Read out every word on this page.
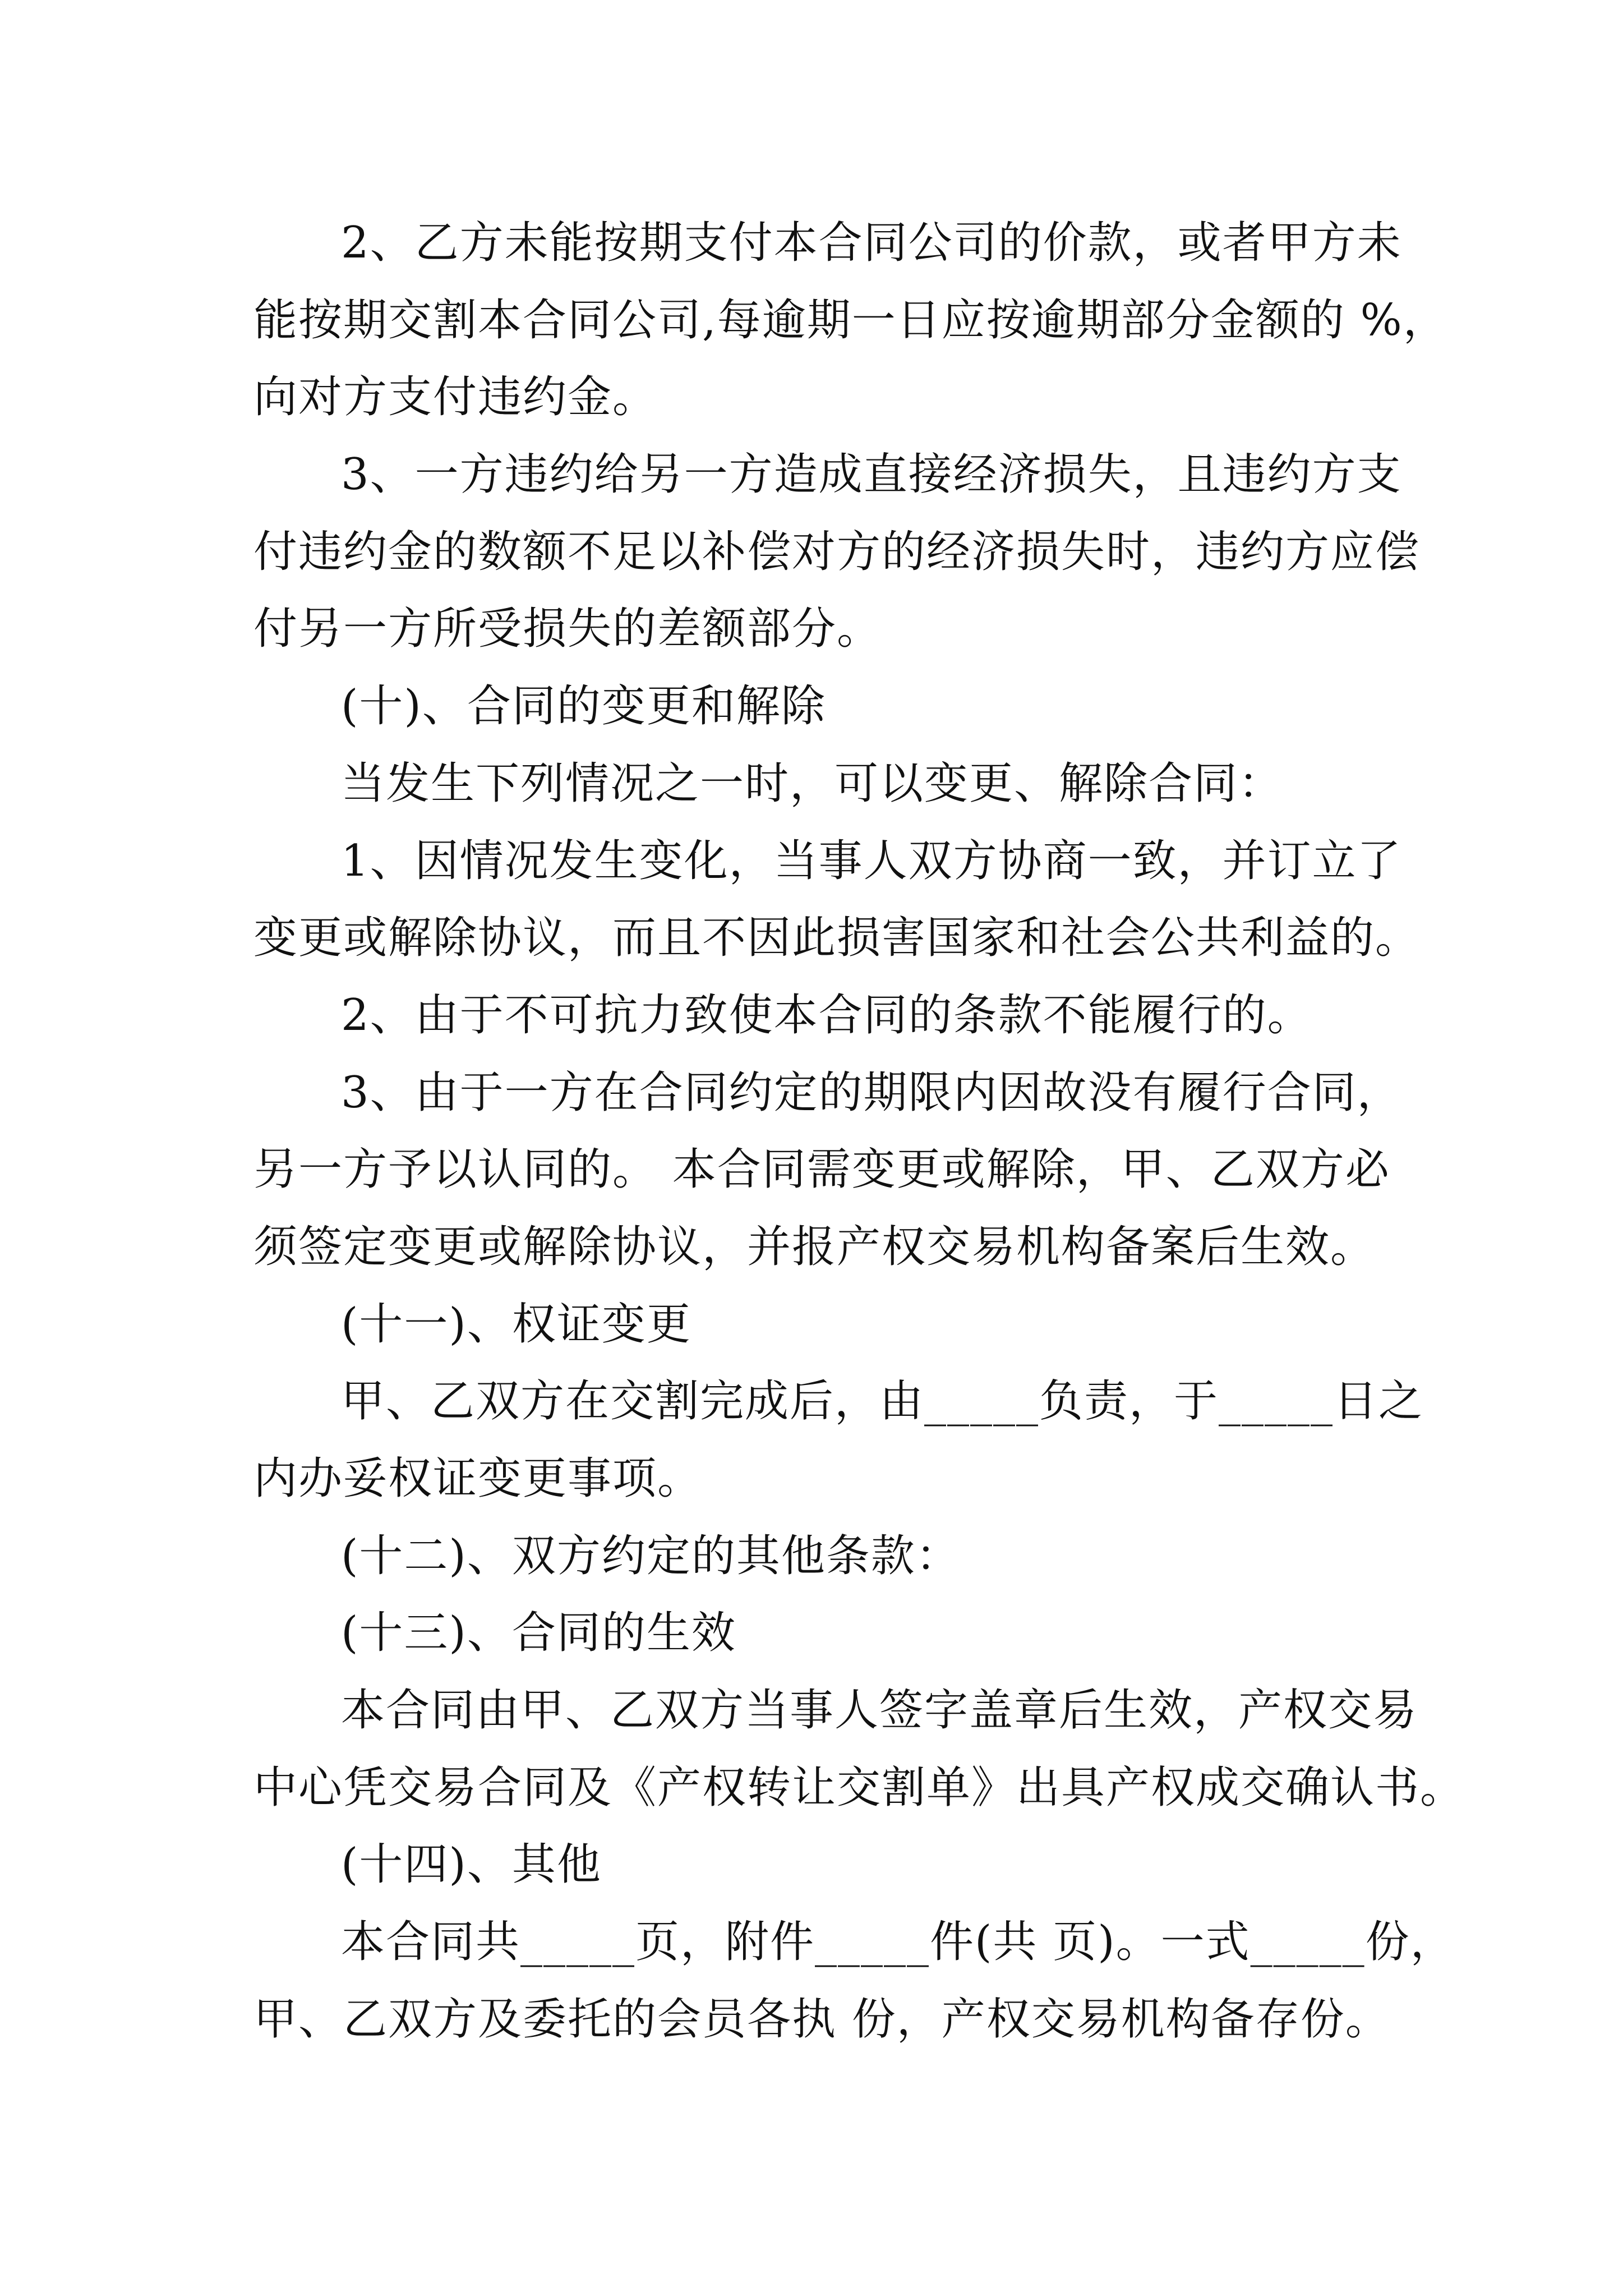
2、乙方未能按期支付本合同公司的价款，或者甲方未
能按期交割本合同公司,每逾期一日应按逾期部分金额的 %，
向对方支付违约金。
3、一方违约给另一方造成直接经济损失，且违约方支
付违约金的数额不足以补偿对方的经济损失时，违约方应偿
付另一方所受损失的差额部分。
(十)、合同的变更和解除
当发生下列情况之一时，可以变更、解除合同：
1、因情况发生变化，当事人双方协商一致，并订立了
变更或解除协议，而且不因此损害国家和社会公共利益的。
2、由于不可抗力致使本合同的条款不能履行的。
3、由于一方在合同约定的期限内因故没有履行合同，
另一方予以认同的。 本合同需变更或解除，甲、乙双方必
须签定变更或解除协议，并报产权交易机构备案后生效。
(十一)、权证变更
甲、乙双方在交割完成后，由_____负责，于_____日之
内办妥权证变更事项。
(十二)、双方约定的其他条款：
(十三)、合同的生效
本合同由甲、乙双方当事人签字盖章后生效，产权交易
中心凭交易合同及《产权转让交割单》出具产权成交确认书。
(十四)、其他
本合同共_____页，附件_____件(共 页)。一式_____份，
甲、乙双方及委托的会员各执 份，产权交易机构备存份。
